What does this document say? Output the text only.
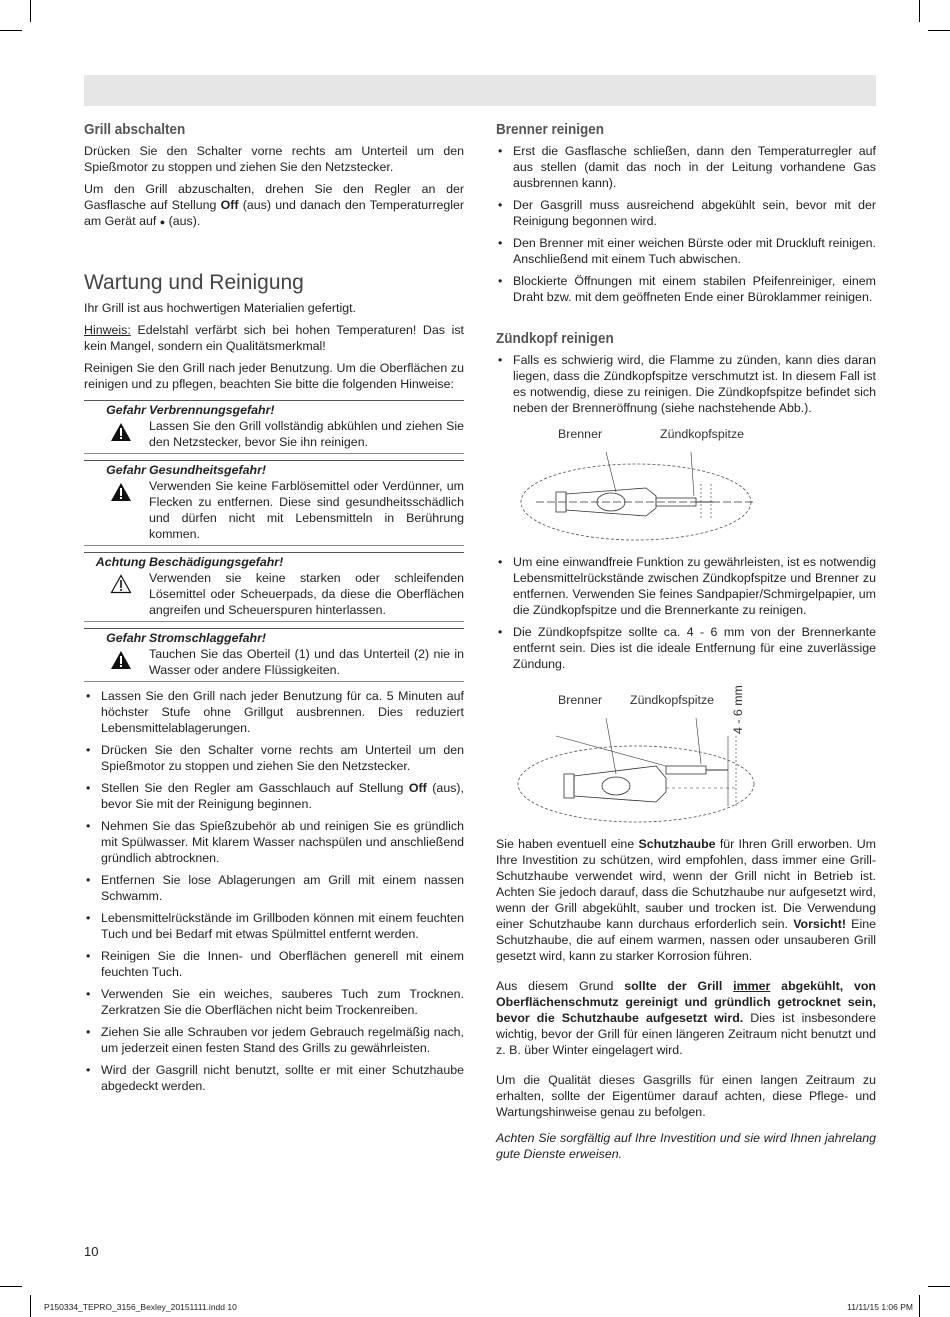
Grill abschalten

Drücken Sie den Schalter vorne rechts am Unterteil um den Spießmotor zu stoppen und ziehen Sie den Netzstecker.

Um den Grill abzuschalten, drehen Sie den Regler an der Gasflasche auf Stellung Off (aus) und danach den Temperaturregler am Gerät auf ● (aus).

Wartung und Reinigung

Ihr Grill ist aus hochwertigen Materialien gefertigt.

Hinweis: Edelstahl verfärbt sich bei hohen Temperaturen! Das ist kein Mangel, sondern ein Qualitätsmerkmal!

Reinigen Sie den Grill nach jeder Benutzung. Um die Oberflächen zu reinigen und zu pflegen, beachten Sie bitte die folgenden Hinweise:

Gefahr Verbrennungsgefahr!
Lassen Sie den Grill vollständig abkühlen und ziehen Sie den Netzstecker, bevor Sie ihn reinigen.
Gefahr Gesundheitsgefahr!
Verwenden Sie keine Farblösemittel oder Verdünner, um Flecken zu entfernen. Diese sind gesundheitsschädlich und dürfen nicht mit Lebensmitteln in Berührung kommen.
Achtung Beschädigungsgefahr!
Verwenden sie keine starken oder schleifenden Lösemittel oder Scheuerpads, da diese die Oberflächen angreifen und Scheuerspuren hinterlassen.
Gefahr Stromschlaggefahr!
Tauchen Sie das Oberteil (1) und das Unterteil (2) nie in Wasser oder andere Flüssigkeiten.
• Lassen Sie den Grill nach jeder Benutzung für ca. 5 Minuten auf höchster Stufe ohne Grillgut ausbrennen. Dies reduziert Lebensmittelablagerungen.
• Drücken Sie den Schalter vorne rechts am Unterteil um den Spießmotor zu stoppen und ziehen Sie den Netzstecker.
• Stellen Sie den Regler am Gasschlauch auf Stellung Off (aus), bevor Sie mit der Reinigung beginnen.
• Nehmen Sie das Spießzubehör ab und reinigen Sie es gründlich mit Spülwasser. Mit klarem Wasser nachspülen und anschließend gründlich abtrocknen.
• Entfernen Sie lose Ablagerungen am Grill mit einem nassen Schwamm.
• Lebensmittelrückstände im Grillboden können mit einem feuchten Tuch und bei Bedarf mit etwas Spülmittel entfernt werden.
• Reinigen Sie die Innen- und Oberflächen generell mit einem feuchten Tuch.
• Verwenden Sie ein weiches, sauberes Tuch zum Trocknen. Zerkratzen Sie die Oberflächen nicht beim Trockenreiben.
• Ziehen Sie alle Schrauben vor jedem Gebrauch regelmäßig nach, um jederzeit einen festen Stand des Grills zu gewährleisten.
• Wird der Gasgrill nicht benutzt, sollte er mit einer Schutzhaube abgedeckt werden.
Brenner reinigen
• Erst die Gasflasche schließen, dann den Temperaturregler auf aus stellen (damit das noch in der Leitung vorhandene Gas ausbrennen kann).
• Der Gasgrill muss ausreichend abgekühlt sein, bevor mit der Reinigung begonnen wird.
• Den Brenner mit einer weichen Bürste oder mit Druckluft reinigen. Anschließend mit einem Tuch abwischen.
• Blockierte Öffnungen mit einem stabilen Pfeifenreiniger, einem Draht bzw. mit dem geöffneten Ende einer Büroklammer reinigen.
Zündkopf reinigen
• Falls es schwierig wird, die Flamme zu zünden, kann dies daran liegen, dass die Zündkopfspitze verschmutzt ist. In diesem Fall ist es notwendig, diese zu reinigen. Die Zündkopfspitze befindet sich neben der Brenneröffnung (siehe nachstehende Abb.).
Brenner	Zündkopfspitze
• Um eine einwandfreie Funktion zu gewährleisten, ist es notwendig Lebensmittelrückstände zwischen Zündkopfspitze und Brenner zu entfernen. Verwenden Sie feines Sandpapier/Schmirgelpapier, um die Zündkopfspitze und die Brennerkante zu reinigen.
• Die Zündkopfspitze sollte ca. 4 - 6 mm von der Brennerkante entfernt sein. Dies ist die ideale Entfernung für eine zuverlässige Zündung.
Brenner Zündkopfspitze 4 - 6 mm

Sie haben eventuell eine Schutzhaube für Ihren Grill erworben. Um Ihre Investition zu schützen, wird empfohlen, dass immer eine Grill-Schutzhaube verwendet wird, wenn der Grill nicht in Betrieb ist. Achten Sie jedoch darauf, dass die Schutzhaube nur aufgesetzt wird, wenn der Grill abgekühlt, sauber und trocken ist. Die Verwendung einer Schutzhaube kann durchaus erforderlich sein. Vorsicht! Eine Schutzhaube, die auf einem warmen, nassen oder unsauberen Grill gesetzt wird, kann zu starker Korrosion führen.

Aus diesem Grund sollte der Grill immer abgekühlt, von Oberflächenschmutz gereinigt und gründlich getrocknet sein, bevor die Schutzhaube aufgesetzt wird. Dies ist insbesondere wichtig, bevor der Grill für einen längeren Zeitraum nicht benutzt und z. B. über Winter eingelagert wird.

Um die Qualität dieses Gasgrills für einen langen Zeitraum zu erhalten, sollte der Eigentümer darauf achten, diese Pflege- und Wartungshinweise genau zu befolgen.

Achten Sie sorgfältig auf Ihre Investition und sie wird Ihnen jahrelang gute Dienste erweisen.

10
P150334_TEPRO_3156_Bexley_20151111.indd 10	11/11/15 1:06 PM
